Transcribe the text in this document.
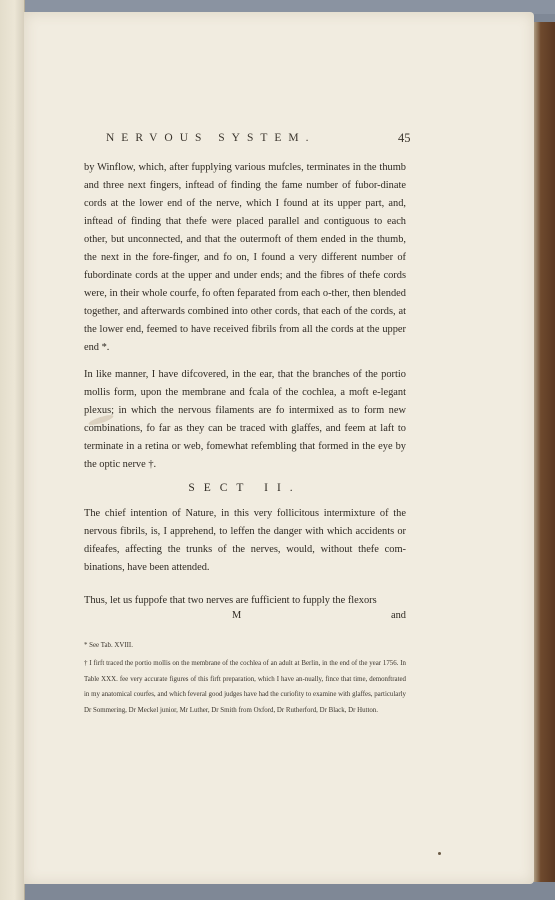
NERVOUS SYSTEM.	45

by Winflow, which, after fupplying various mufcles, terminates in the thumb and three next fingers, inftead of finding the fame number of fubor-dinate cords at the lower end of the nerve, which I found at its upper part, and, inftead of finding that thefe were placed parallel and contiguous to each other, but unconnected, and that the outermoft of them ended in the thumb, the next in the fore-finger, and fo on, I found a very different number of fubordinate cords at the upper and under ends; and the fibres of thefe cords were, in their whole courfe, fo often feparated from each o-ther, then blended together, and afterwards combined into other cords, that each of the cords, at the lower end, feemed to have received fibrils from all the cords at the upper end *.

In like manner, I have difcovered, in the ear, that the branches of the portio mollis form, upon the membrane and fcala of the cochlea, a moft e-legant plexus; in which the nervous filaments are fo intermixed as to form new combinations, fo far as they can be traced with glaffes, and feem at laft to terminate in a retina or web, fomewhat refembling that formed in the eye by the optic nerve †.

SECT II.

The chief intention of Nature, in this very follicitous intermixture of the nervous fibrils, is, I apprehend, to leffen the danger with which accidents or difeafes, affecting the trunks of the nerves, would, without thefe com-binations, have been attended.

Thus, let us fuppofe that two nerves are fufficient to fupply the flexors

M	and

* See Tab. XVIII.

† I firft traced the portio mollis on the membrane of the cochlea of an adult at Berlin, in the end of the year 1756. In Table XXX. fee very accurate figures of this firft preparation, which I have an-nually, fince that time, demonftrated in my anatomical courfes, and which feveral good judges have had the curiofity to examine with glaffes, particularly Dr Sommering, Dr Meckel junior, Mr Luther, Dr Smith from Oxford, Dr Rutherford, Dr Black, Dr Hutton.
